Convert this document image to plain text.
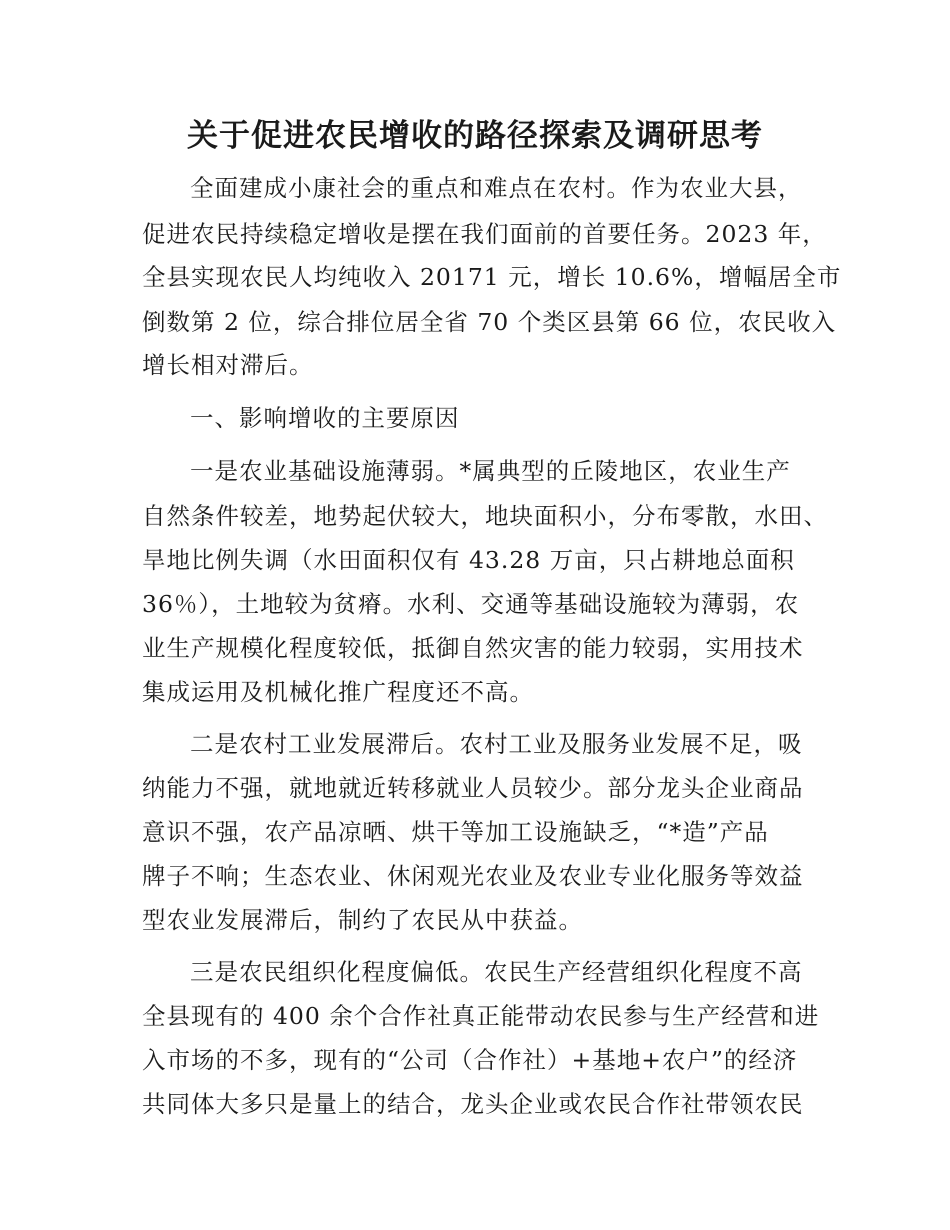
关于促进农民增收的路径探索及调研思考
全面建成小康社会的重点和难点在农村。作为农业大县，
促进农民持续稳定增收是摆在我们面前的首要任务。2023 年，
全县实现农民人均纯收入 20171 元，增长 10.6%，增幅居全市
倒数第 2 位，综合排位居全省 70 个类区县第 66 位，农民收入
增长相对滞后。
一、影响增收的主要原因
一是农业基础设施薄弱。*属典型的丘陵地区，农业生产
自然条件较差，地势起伏较大，地块面积小，分布零散，水田、
旱地比例失调（水田面积仅有 43.28 万亩，只占耕地总面积
36％），土地较为贫瘠。水利、交通等基础设施较为薄弱，农
业生产规模化程度较低，抵御自然灾害的能力较弱，实用技术
集成运用及机械化推广程度还不高。
二是农村工业发展滞后。农村工业及服务业发展不足，吸
纳能力不强，就地就近转移就业人员较少。部分龙头企业商品
意识不强，农产品凉晒、烘干等加工设施缺乏，“*造”产品
牌子不响；生态农业、休闲观光农业及农业专业化服务等效益
型农业发展滞后，制约了农民从中获益。
三是农民组织化程度偏低。农民生产经营组织化程度不高
全县现有的 400 余个合作社真正能带动农民参与生产经营和进
入市场的不多，现有的“公司（合作社）+基地+农户”的经济
共同体大多只是量上的结合，龙头企业或农民合作社带领农民
